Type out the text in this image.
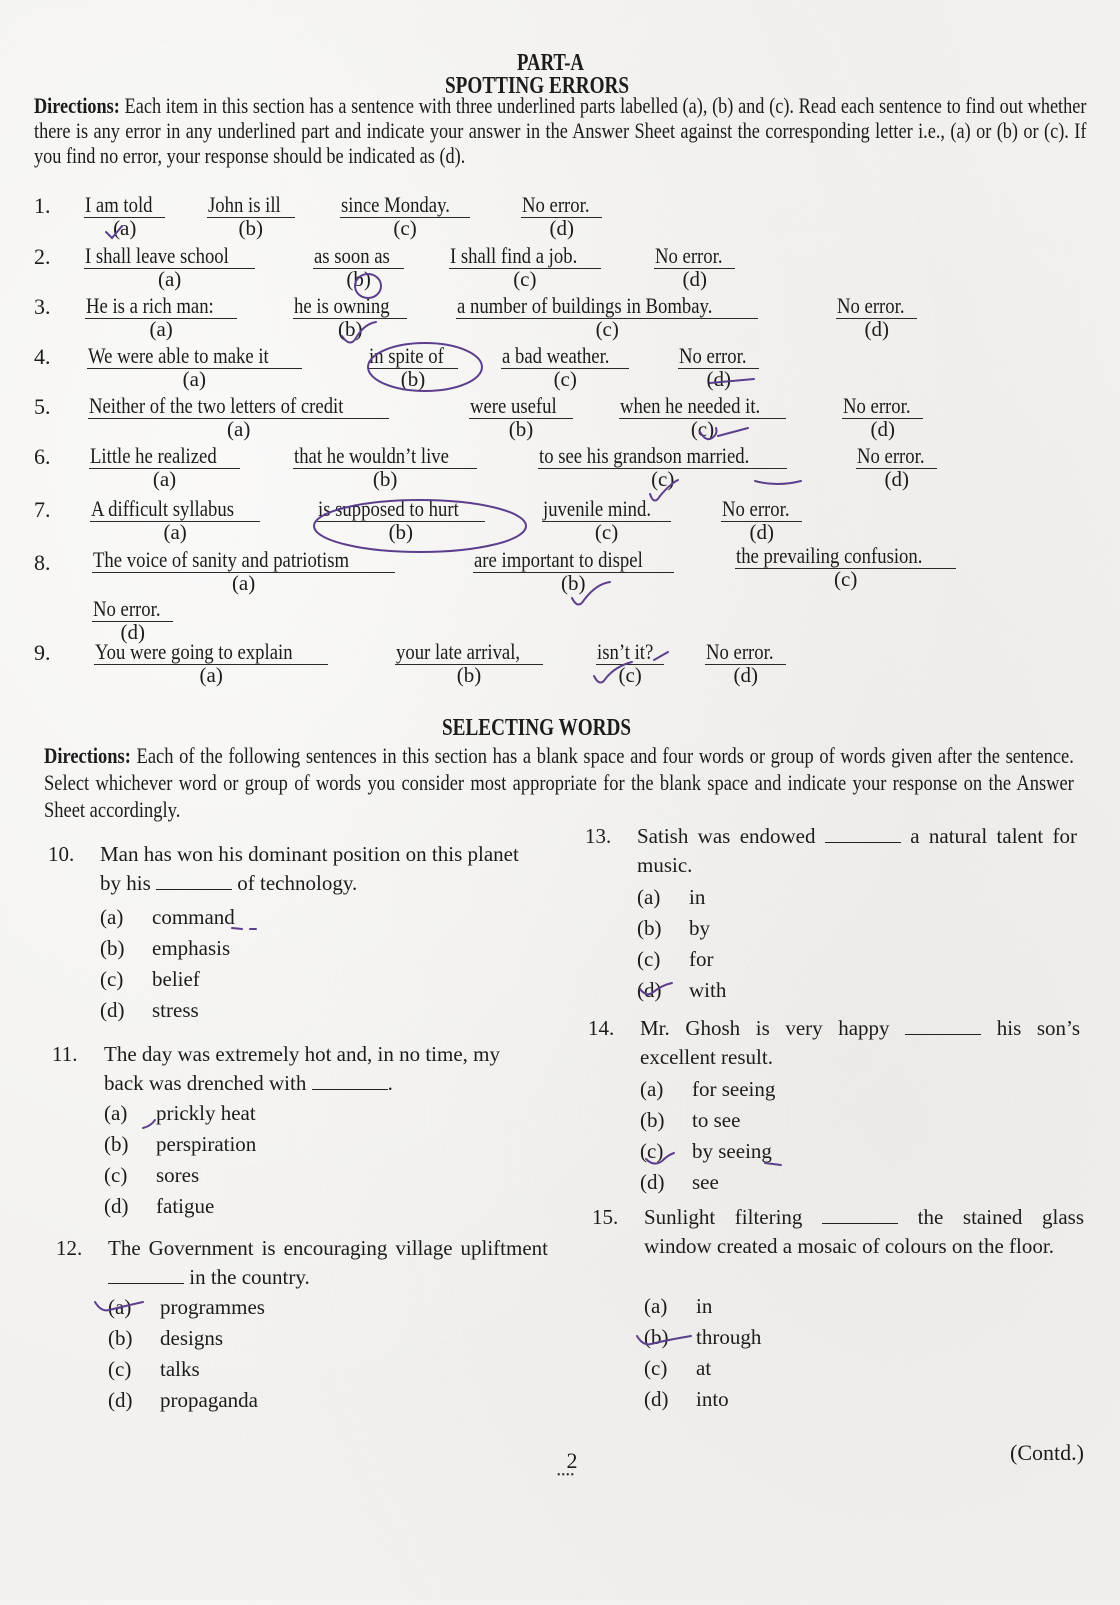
PART-A
SPOTTING ERRORS
Directions: Each item in this section has a sentence with three underlined parts labelled (a), (b) and (c). Read each sentence to find out whether there is any error in any underlined part and indicate your answer in the Answer Sheet against the corresponding letter i.e., (a) or (b) or (c). If you find no error, your response should be indicated as (d).
1. I am told
(a)
John is ill
(b)
since Monday.
(c)
No error.
(d)
2. I shall leave school
(a)
as soon as
(b)
I shall find a job.
(c)
No error.
(d)
3. He is a rich man:
(a)
he is owning
(b)
a number of buildings in Bombay.
(c)
No error.
(d)
4. We were able to make it
(a)
in spite of
(b)
a bad weather.
(c)
No error.
(d)
5. Neither of the two letters of credit
(a)
were useful
(b)
when he needed it.
(c)
No error.
(d)
6. Little he realized
(a)
that he wouldn’t live
(b)
to see his grandson married.
(c)
No error.
(d)
7. A difficult syllabus
(a)
is supposed to hurt
(b)
juvenile mind.
(c)
No error.
(d)
8. The voice of sanity and patriotism
(a)
are important to dispel
(b)
the prevailing confusion.
(c)
No error.
(d)
9. You were going to explain
(a)
your late arrival,
(b)
isn’t it?
(c)
No error.
(d)
SELECTING WORDS
Directions: Each of the following sentences in this section has a blank space and four words or group of words given after the sentence. Select whichever word or group of words you consider most appropriate for the blank space and indicate your response on the Answer Sheet accordingly.
10. Man has won his dominant position on this planet by his	of technology.
(a) command
(b) emphasis
(c) belief
(d) stress
11. The day was extremely hot and, in no time, my back was drenched with	.
(a) prickly heat
(b) perspiration
(c) sores
(d) fatigue
12. The Government is encouraging village upliftment  in the country.
(a) programmes
(b) designs
(c) talks
(d) propaganda
13. Satish was endowed	a natural talent for music.
(a) in
(b) by
(c) for
(d) with
14. Mr. Ghosh is very happy	his son’s excellent result.
(a) for seeing
(b) to see
(c) by seeing
(d) see
15. Sunlight filtering	the stained glass window created a mosaic of colours on the floor.
(a) in
(b) through
(c) at
(d) into
2
••••
(Contd.)
